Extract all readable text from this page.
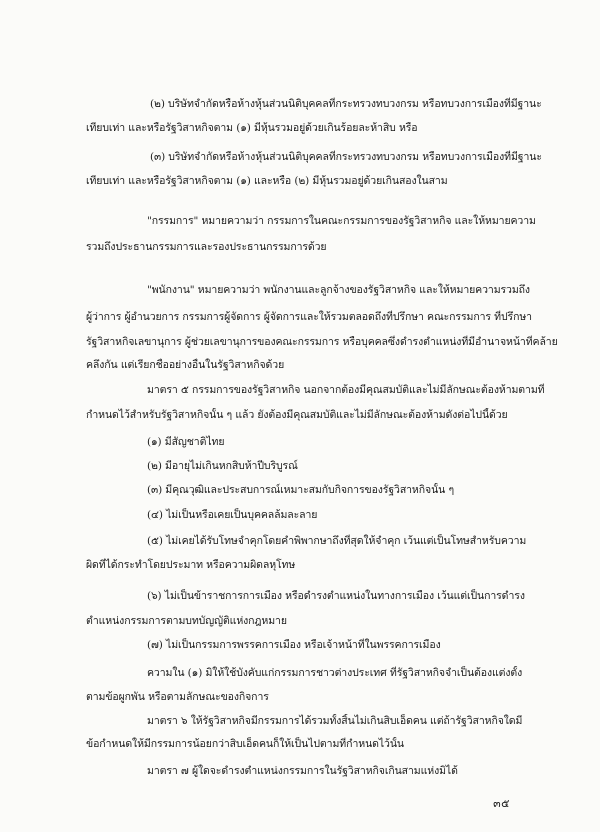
(๒) บริษัทจำกัดหรือห้างหุ้นส่วนนิติบุคคลที่กระทรวงทบวงกรม หรือทบวงการเมืองที่มีฐานะ
เทียบเท่า และหรือรัฐวิสาหกิจตาม (๑) มีหุ้นรวมอยู่ด้วยเกินร้อยละห้าสิบ หรือ
(๓) บริษัทจำกัดหรือห้างหุ้นส่วนนิติบุคคลที่กระทรวงทบวงกรม หรือทบวงการเมืองที่มีฐานะ
เทียบเท่า และหรือรัฐวิสาหกิจตาม (๑) และหรือ (๒) มีหุ้นรวมอยู่ด้วยเกินสองในสาม
"กรรมการ" หมายความว่า กรรมการในคณะกรรมการของรัฐวิสาหกิจ และให้หมายความ
รวมถึงประธานกรรมการและรองประธานกรรมการด้วย
"พนักงาน" หมายความว่า พนักงานและลูกจ้างของรัฐวิสาหกิจ และให้หมายความรวมถึง
ผู้ว่าการ ผู้อำนวยการ กรรมการผู้จัดการ ผู้จัดการและให้รวมตลอดถึงที่ปรึกษา คณะกรรมการ ที่ปรึกษา
รัฐวิสาหกิจเลขานุการ ผู้ช่วยเลขานุการของคณะกรรมการ หรือบุคคลซึ่งดำรงตำแหน่งที่มีอำนาจหน้าที่คล้าย
คลึงกัน แต่เรียกชื่ออย่างอื่นในรัฐวิสาหกิจด้วย
มาตรา ๕ กรรมการของรัฐวิสาหกิจ นอกจากต้องมีคุณสมบัติและไม่มีลักษณะต้องห้ามตามที่
กำหนดไว้สำหรับรัฐวิสาหกิจนั้น ๆ แล้ว ยังต้องมีคุณสมบัติและไม่มีลักษณะต้องห้ามดังต่อไปนี้ด้วย
(๑) มีสัญชาติไทย
(๒) มีอายุไม่เกินหกสิบห้าปีบริบูรณ์
(๓) มีคุณวุฒิและประสบการณ์เหมาะสมกับกิจการของรัฐวิสาหกิจนั้น ๆ
(๔) ไม่เป็นหรือเคยเป็นบุคคลล้มละลาย
(๕) ไม่เคยได้รับโทษจำคุกโดยคำพิพากษาถึงที่สุดให้จำคุก เว้นแต่เป็นโทษสำหรับความ
ผิดที่ได้กระทำโดยประมาท หรือความผิดลหุโทษ
(๖) ไม่เป็นข้าราชการการเมือง หรือดำรงตำแหน่งในทางการเมือง เว้นแต่เป็นการดำรง
ตำแหน่งกรรมการตามบทบัญญัติแห่งกฎหมาย
(๗) ไม่เป็นกรรมการพรรคการเมือง หรือเจ้าหน้าที่ในพรรคการเมือง
ความใน (๑) มิให้ใช้บังคับแก่กรรมการชาวต่างประเทศ ที่รัฐวิสาหกิจจำเป็นต้องแต่งตั้ง
ตามข้อผูกพัน หรือตามลักษณะของกิจการ
มาตรา ๖ ให้รัฐวิสาหกิจมีกรรมการได้รวมทั้งสิ้นไม่เกินสิบเอ็ดคน แต่ถ้ารัฐวิสาหกิจใดมี
ข้อกำหนดให้มีกรรมการน้อยกว่าสิบเอ็ดคนก็ให้เป็นไปตามที่กำหนดไว้นั้น
มาตรา ๗ ผู้ใดจะดำรงตำแหน่งกรรมการในรัฐวิสาหกิจเกินสามแห่งมิได้
๓๕
